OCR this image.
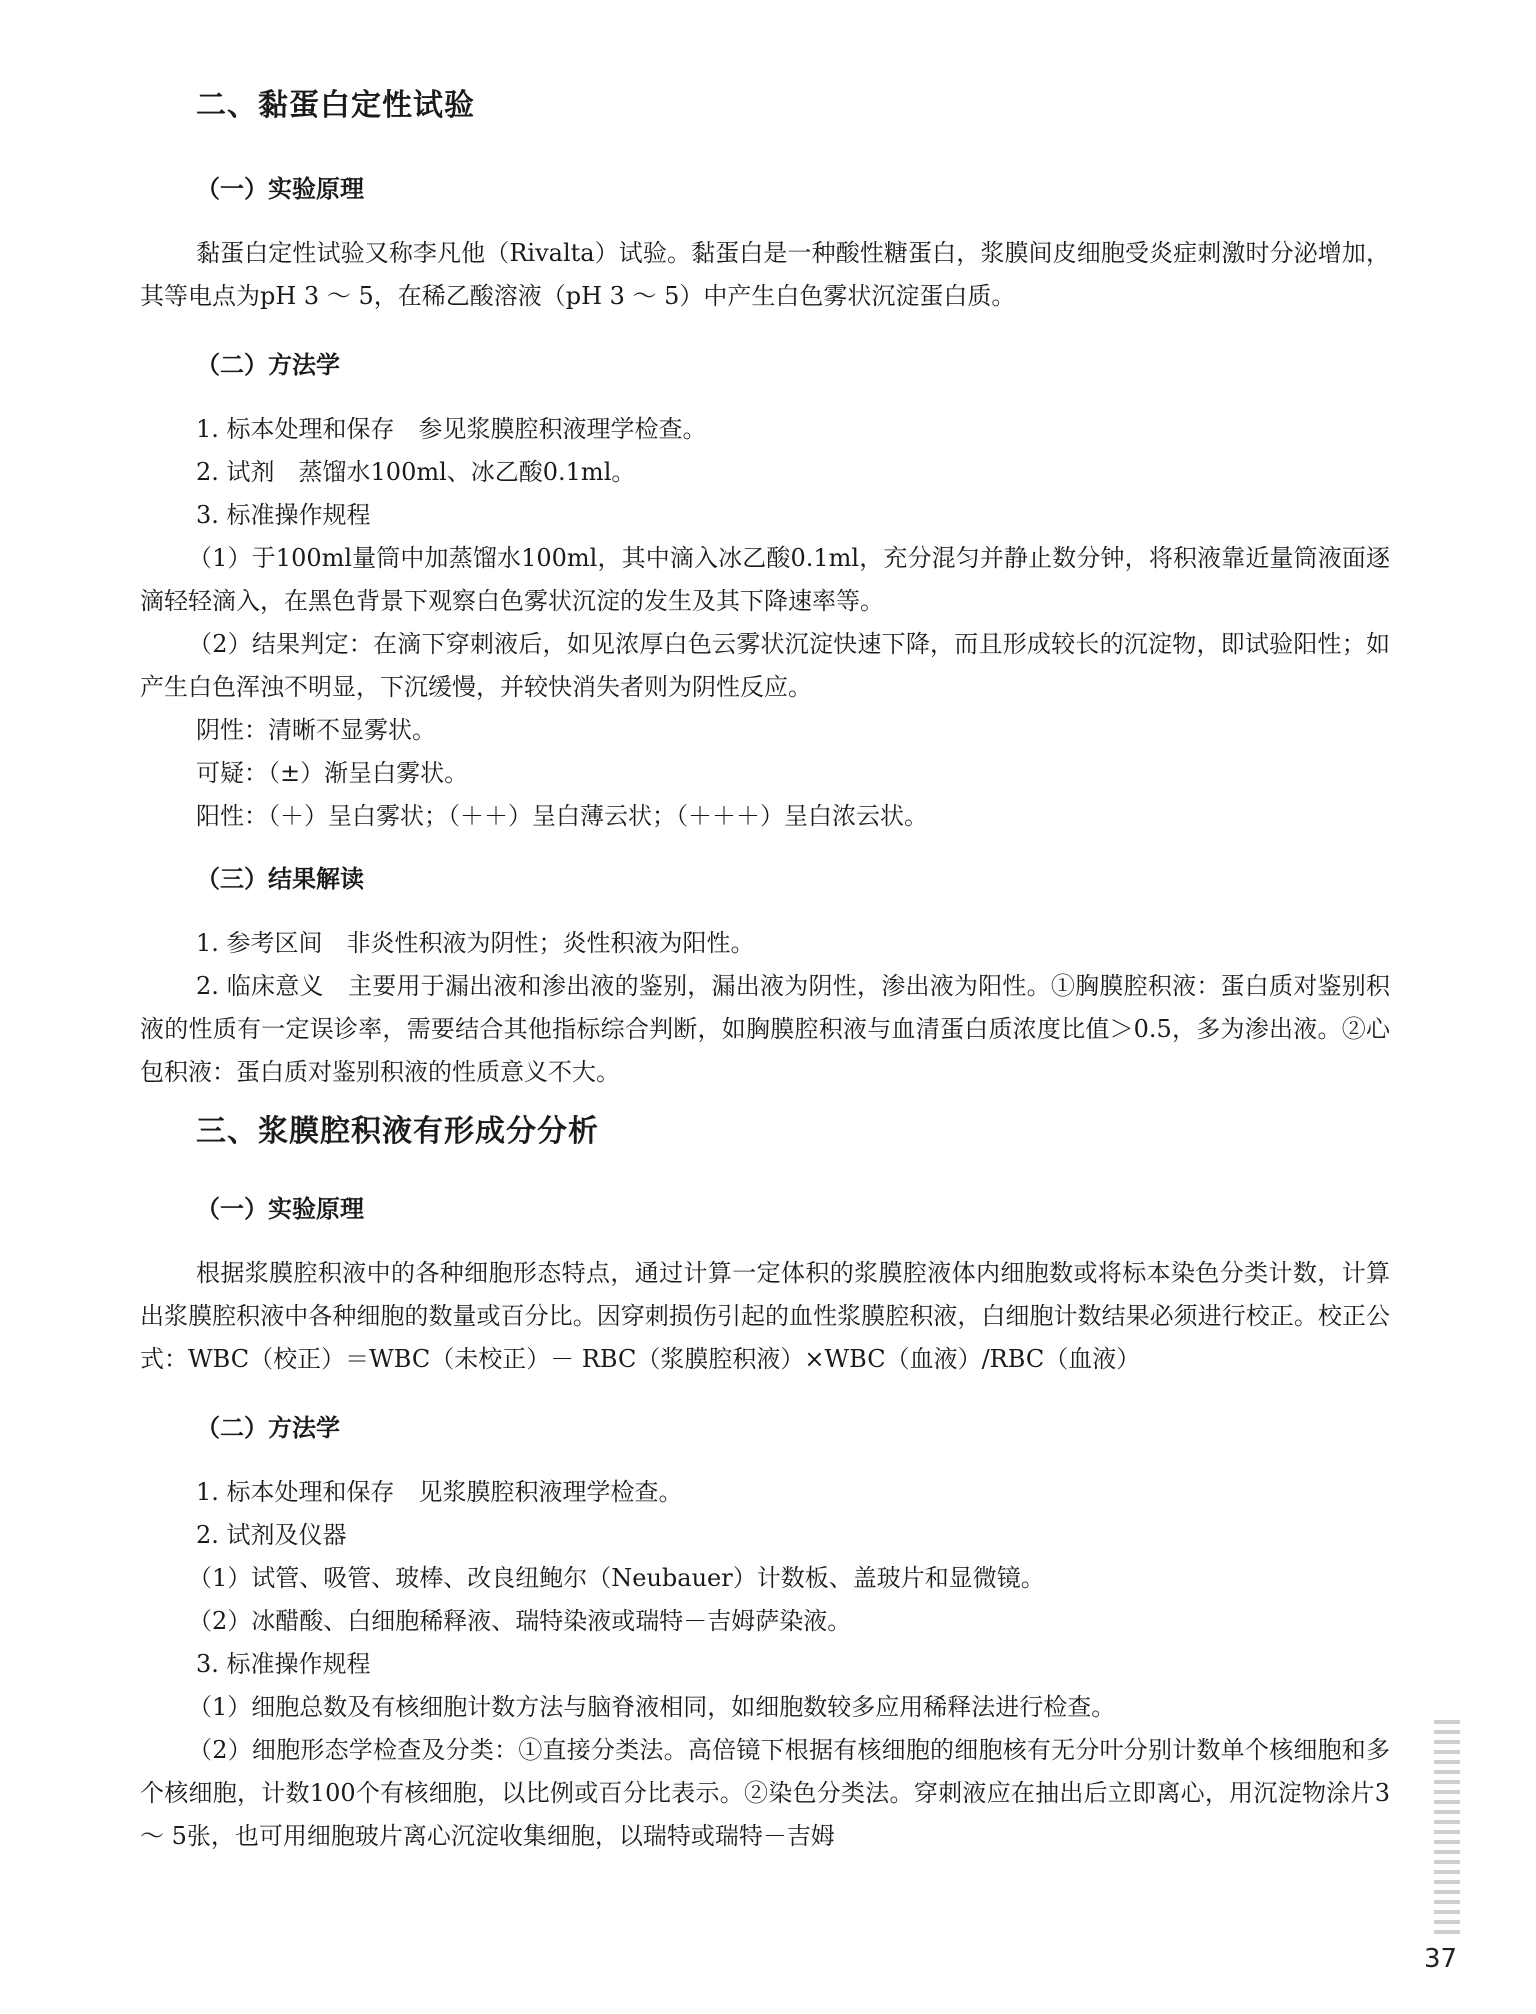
二、黏蛋白定性试验
（一）实验原理

黏蛋白定性试验又称李凡他（Rivalta）试验。黏蛋白是一种酸性糖蛋白，浆膜间皮细胞受炎症刺激时分泌增加，其等电点为pH 3 ～ 5，在稀乙酸溶液（pH 3 ～ 5）中产生白色雾状沉淀蛋白质。

（二）方法学

1. 标本处理和保存　参见浆膜腔积液理学检查。

2. 试剂　蒸馏水100ml、冰乙酸0.1ml。

3. 标准操作规程

（1）于100ml量筒中加蒸馏水100ml，其中滴入冰乙酸0.1ml，充分混匀并静止数分钟，将积液靠近量筒液面逐滴轻轻滴入，在黑色背景下观察白色雾状沉淀的发生及其下降速率等。

（2）结果判定：在滴下穿刺液后，如见浓厚白色云雾状沉淀快速下降，而且形成较长的沉淀物，即试验阳性；如产生白色浑浊不明显，下沉缓慢，并较快消失者则为阴性反应。

阴性：清晰不显雾状。

可疑：（±）渐呈白雾状。

阳性：（＋）呈白雾状；（＋＋）呈白薄云状；（＋＋＋）呈白浓云状。

（三）结果解读

1. 参考区间　非炎性积液为阴性；炎性积液为阳性。

2. 临床意义　主要用于漏出液和渗出液的鉴别，漏出液为阴性，渗出液为阳性。①胸膜腔积液：蛋白质对鉴别积液的性质有一定误诊率，需要结合其他指标综合判断，如胸膜腔积液与血清蛋白质浓度比值＞0.5，多为渗出液。②心包积液：蛋白质对鉴别积液的性质意义不大。

三、浆膜腔积液有形成分分析
（一）实验原理

根据浆膜腔积液中的各种细胞形态特点，通过计算一定体积的浆膜腔液体内细胞数或将标本染色分类计数，计算出浆膜腔积液中各种细胞的数量或百分比。因穿刺损伤引起的血性浆膜腔积液，白细胞计数结果必须进行校正。校正公式：WBC（校正）＝WBC（未校正）－ RBC（浆膜腔积液）×WBC（血液）/RBC（血液）

（二）方法学

1. 标本处理和保存　见浆膜腔积液理学检查。

2. 试剂及仪器

（1）试管、吸管、玻棒、改良纽鲍尔（Neubauer）计数板、盖玻片和显微镜。

（2）冰醋酸、白细胞稀释液、瑞特染液或瑞特－吉姆萨染液。

3. 标准操作规程

（1）细胞总数及有核细胞计数方法与脑脊液相同，如细胞数较多应用稀释法进行检查。

（2）细胞形态学检查及分类：①直接分类法。高倍镜下根据有核细胞的细胞核有无分叶分别计数单个核细胞和多个核细胞，计数100个有核细胞，以比例或百分比表示。②染色分类法。穿刺液应在抽出后立即离心，用沉淀物涂片3 ～ 5张，也可用细胞玻片离心沉淀收集细胞，以瑞特或瑞特－吉姆

37
